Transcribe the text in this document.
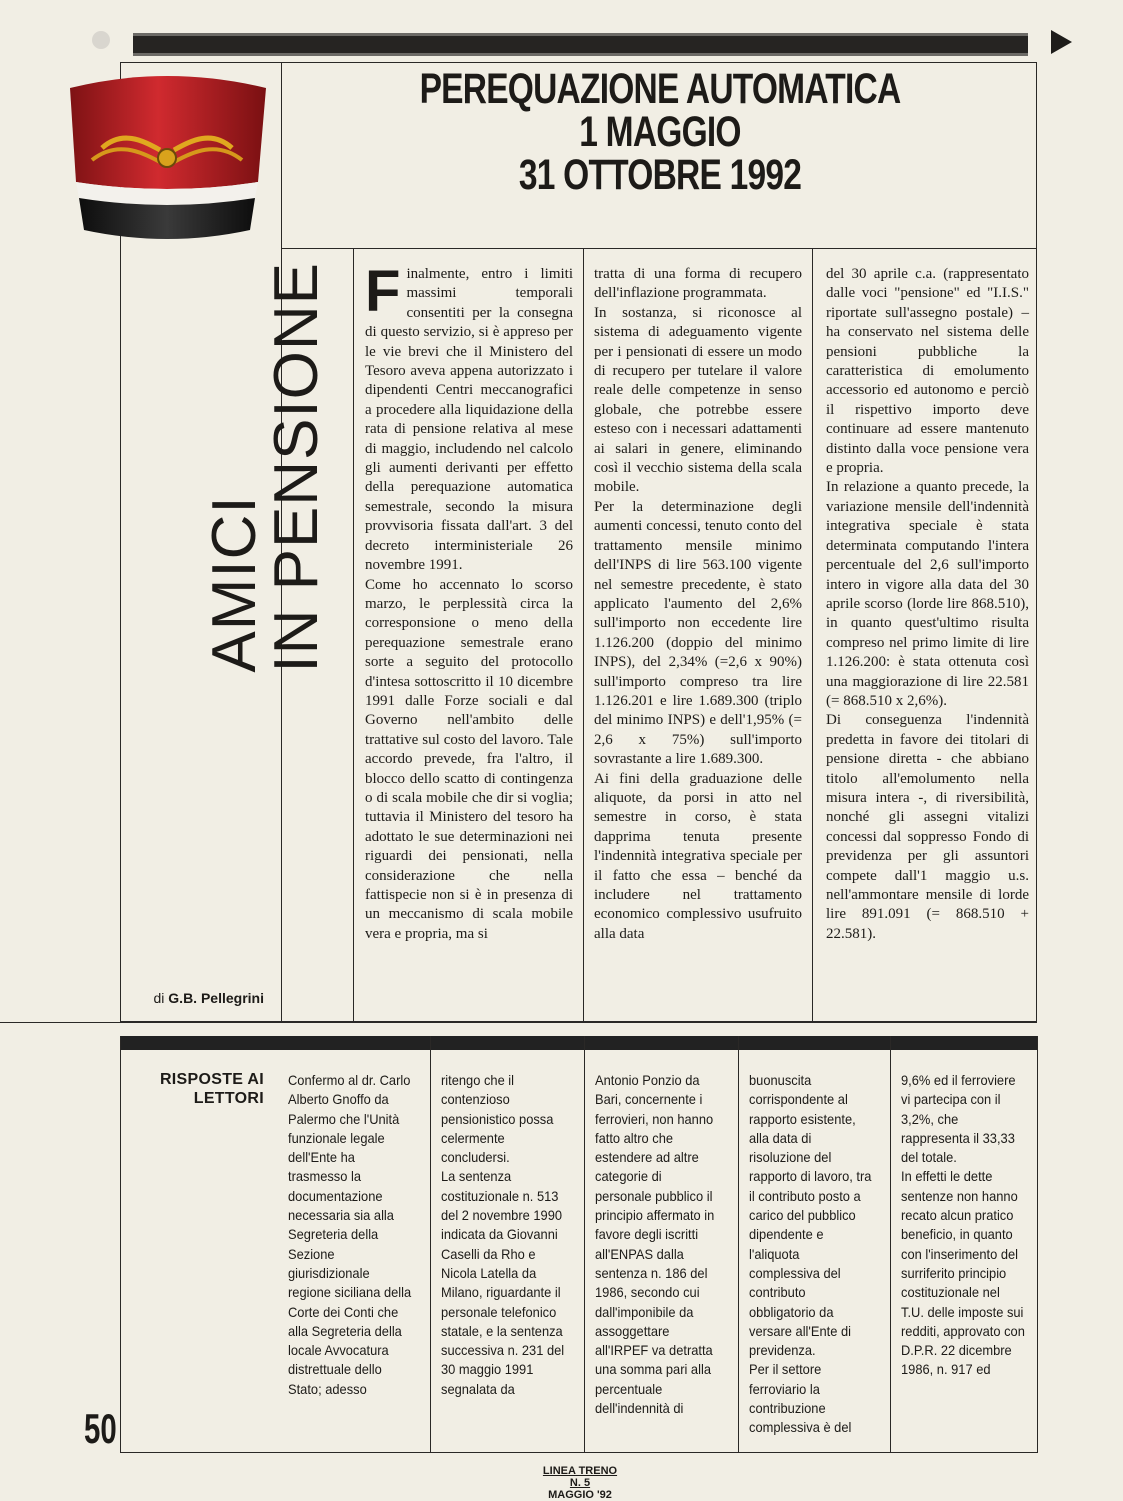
PEREQUAZIONE AUTOMATICA
1 MAGGIO
31 OTTOBRE 1992
AMICI
IN PENSIONE
di G.B. Pellegrini

Finalmente, entro i limiti massimi temporali consentiti per la consegna di questo servizio, si è appreso per le vie brevi che il Ministero del Tesoro aveva appena autorizzato i dipendenti Centri meccanografici a procedere alla liquidazione della rata di pensione relativa al mese di maggio, includendo nel calcolo gli aumenti derivanti per effetto della perequazione automatica semestrale, secondo la misura provvisoria fissata dall'art. 3 del decreto interministeriale 26 novembre 1991.

Come ho accennato lo scorso marzo, le perplessità circa la corresponsione o meno della perequazione semestrale erano sorte a seguito del protocollo d'intesa sottoscritto il 10 dicembre 1991 dalle Forze sociali e dal Governo nell'ambito delle trattative sul costo del lavoro. Tale accordo prevede, fra l'altro, il blocco dello scatto di contingenza o di scala mobile che dir si voglia; tuttavia il Ministero del tesoro ha adottato le sue determinazioni nei riguardi dei pensionati, nella considerazione che nella fattispecie non si è in presenza di un meccanismo di scala mobile vera e propria, ma si

tratta di una forma di recupero dell'inflazione programmata.

In sostanza, si riconosce al sistema di adeguamento vigente per i pensionati di essere un modo di recupero per tutelare il valore reale delle competenze in senso globale, che potrebbe essere esteso con i necessari adattamenti ai salari in genere, eliminando così il vecchio sistema della scala mobile.

Per la determinazione degli aumenti concessi, tenuto conto del trattamento mensile minimo dell'INPS di lire 563.100 vigente nel semestre precedente, è stato applicato l'aumento del 2,6% sull'importo non eccedente lire 1.126.200 (doppio del minimo INPS), del 2,34% (=2,6 x 90%) sull'importo compreso tra lire 1.126.201 e lire 1.689.300 (triplo del minimo INPS) e dell'1,95% (= 2,6 x 75%) sull'importo sovrastante a lire 1.689.300.

Ai fini della graduazione delle aliquote, da porsi in atto nel semestre in corso, è stata dapprima tenuta presente l'indennità integrativa speciale per il fatto che essa – benché da includere nel trattamento economico complessivo usufruito alla data

del 30 aprile c.a. (rappresentato dalle voci "pensione" ed "I.I.S." riportate sull'assegno postale) – ha conservato nel sistema delle pensioni pubbliche la caratteristica di emolumento accessorio ed autonomo e perciò il rispettivo importo deve continuare ad essere mantenuto distinto dalla voce pensione vera e propria.

In relazione a quanto precede, la variazione mensile dell'indennità integrativa speciale è stata determinata computando l'intera percentuale del 2,6 sull'importo intero in vigore alla data del 30 aprile scorso (lorde lire 868.510), in quanto quest'ultimo risulta compreso nel primo limite di lire 1.126.200: è stata ottenuta così una maggiorazione di lire 22.581 (= 868.510 x 2,6%).

Di conseguenza l'indennità predetta in favore dei titolari di pensione diretta - che abbiano titolo all'emolumento nella misura intera -, di riversibilità, nonché gli assegni vitalizi concessi dal soppresso Fondo di previdenza per gli assuntori compete dall'1 maggio u.s. nell'ammontare mensile di lorde lire 891.091 (= 868.510 + 22.581).

RISPOSTE AI
LETTORI

Confermo al dr. Carlo Alberto Gnoffo da Palermo che l'Unità funzionale legale dell'Ente ha trasmesso la documentazione necessaria sia alla Segreteria della Sezione giurisdizionale regione siciliana della Corte dei Conti che alla Segreteria della locale Avvocatura distrettuale dello Stato; adesso

ritengo che il contenzioso pensionistico possa celermente concludersi.

La sentenza costituzionale n. 513 del 2 novembre 1990 indicata da Giovanni Caselli da Rho e Nicola Latella da Milano, riguardante il personale telefonico statale, e la sentenza successiva n. 231 del 30 maggio 1991 segnalata da

Antonio Ponzio da Bari, concernente i ferrovieri, non hanno fatto altro che estendere ad altre categorie di personale pubblico il principio affermato in favore degli iscritti all'ENPAS dalla sentenza n. 186 del 1986, secondo cui dall'imponibile da assoggettare all'IRPEF va detratta una somma pari alla percentuale dell'indennità di

buonuscita corrispondente al rapporto esistente, alla data di risoluzione del rapporto di lavoro, tra il contributo posto a carico del pubblico dipendente e l'aliquota complessiva del contributo obbligatorio da versare all'Ente di previdenza.

Per il settore ferroviario la contribuzione complessiva è del

9,6% ed il ferroviere vi partecipa con il 3,2%, che rappresenta il 33,33 del totale.

In effetti le dette sentenze non hanno recato alcun pratico beneficio, in quanto con l'inserimento del surriferito principio costituzionale nel T.U. delle imposte sui redditi, approvato con D.P.R. 22 dicembre 1986, n. 917 ed

50
LINEA TRENO
N. 5
MAGGIO '92
